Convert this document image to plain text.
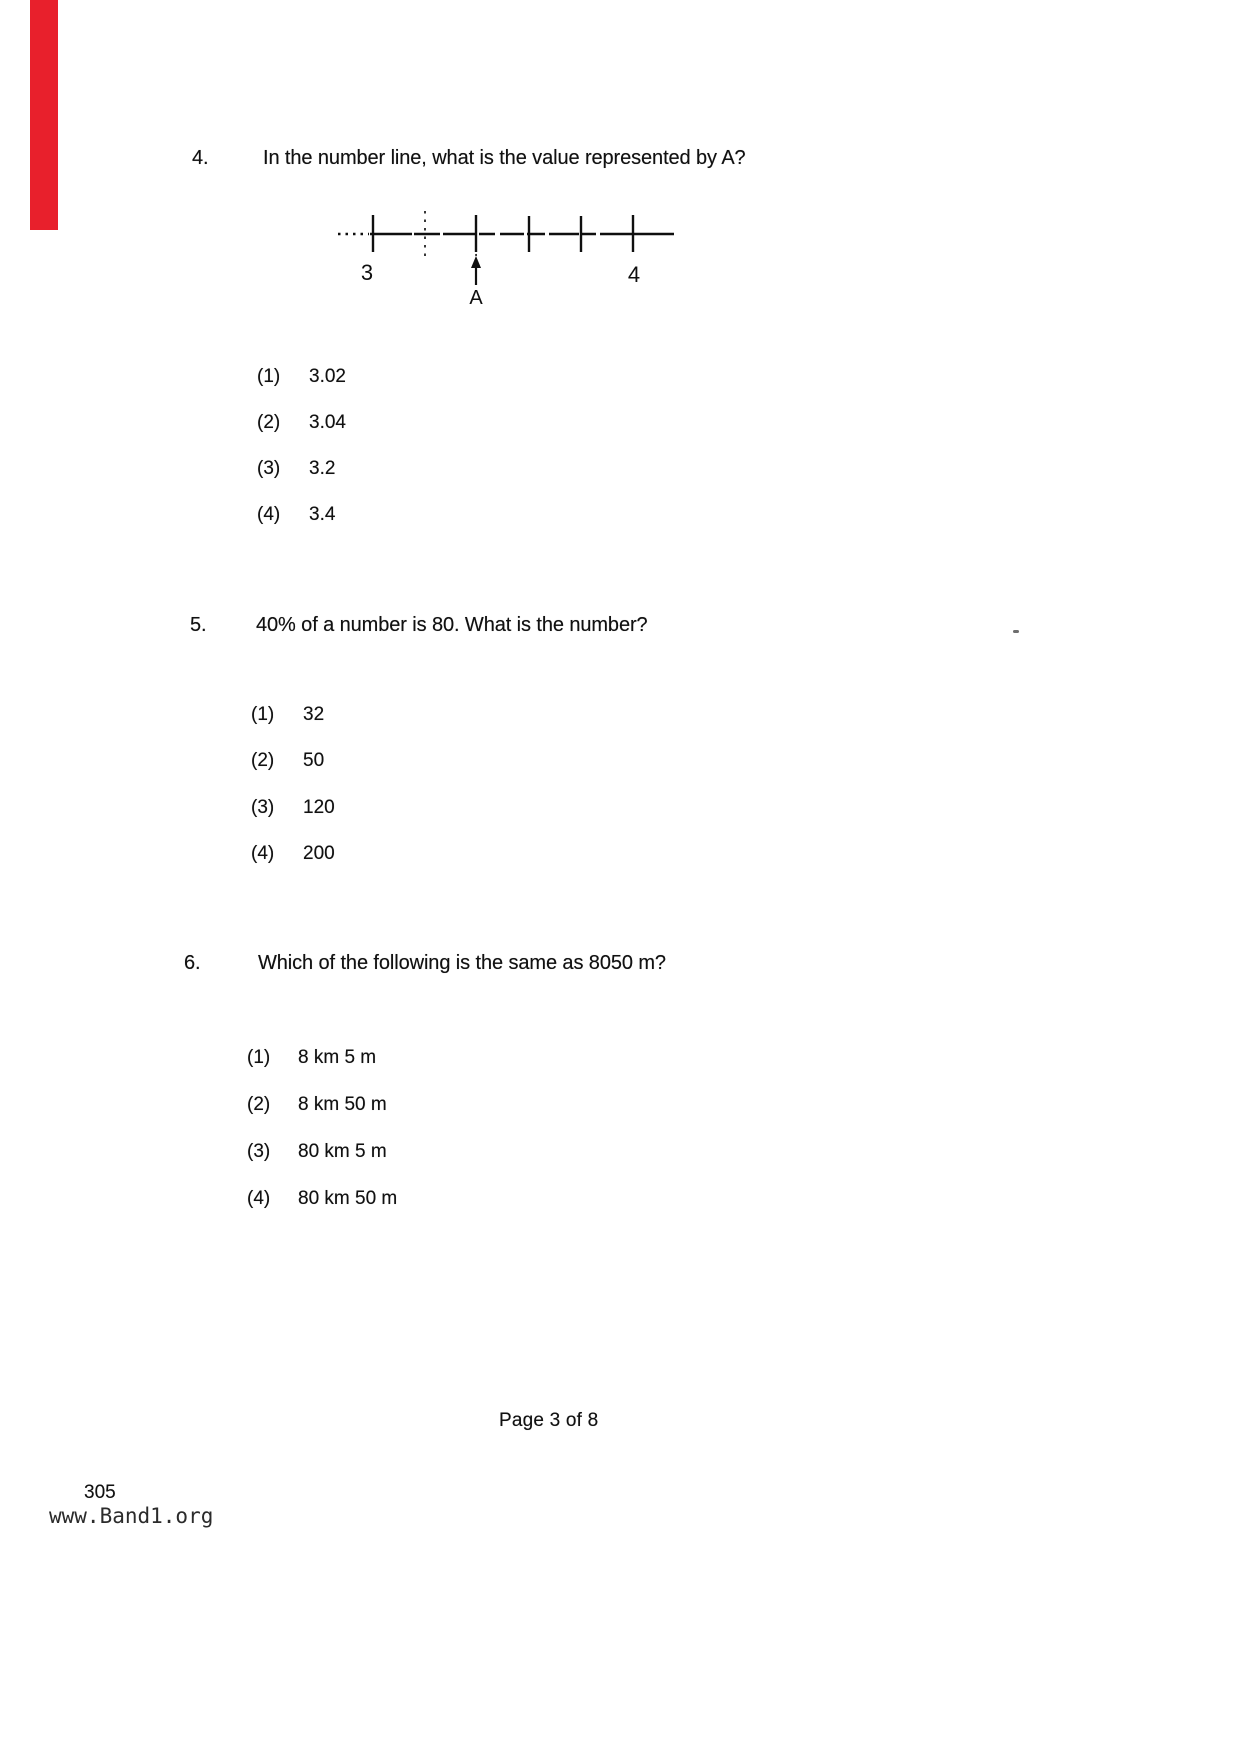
4.	In the number line, what is the value represented by A?
3	4
A
(1) 3.02
(2) 3.04
(3) 3.2
(4) 3.4
5. 40% of a number is 80. What is the number?
(1) 32
(2) 50
(3) 120
(4) 200
6.	Which of the following is the same as 8050 m?
(1) 8 km 5 m
(2) 8 km 50 m
(3) 80 km 5 m
(4) 80 km 50 m
Page 3 of 8
305
www.Band1.org
